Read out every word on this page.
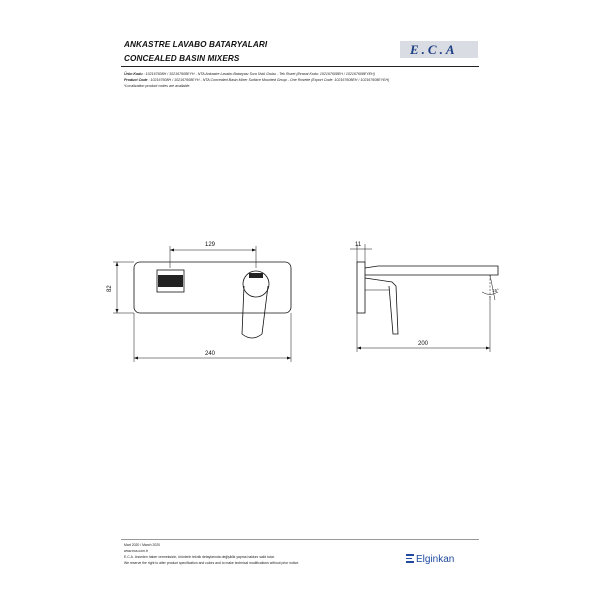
ANKASTRE LAVABO BATARYALARI
CONCEALED BASIN MIXERS
E.C.A
Ürün Kodu : 102167608H / 102167608EYH - NTA Ankastre Lavabo Bataryası Sıva Üstü Grubu - Tek Rozet (İhracat Kodu: 102167608EH / 102167608EYEH)
Product Code : 102167608H / 102167608EYH - NTA Concealed Basin Mixer Surface Mounted Group - One Rosette (Export Code: 102167608EH / 102167608EYEH)
*Localization product codes are available.
129
82
240
11
200
15°
Mart 2020 / March 2020
www.eca.com.tr
E.C.A. önceden haber vermeksizin, ürünlerin teknik detaylarında değişiklik yapma hakkını saklı tutar.
We reserve the right to alter product specification and colors and to make technical modifications without prior notice.	Elginkan
